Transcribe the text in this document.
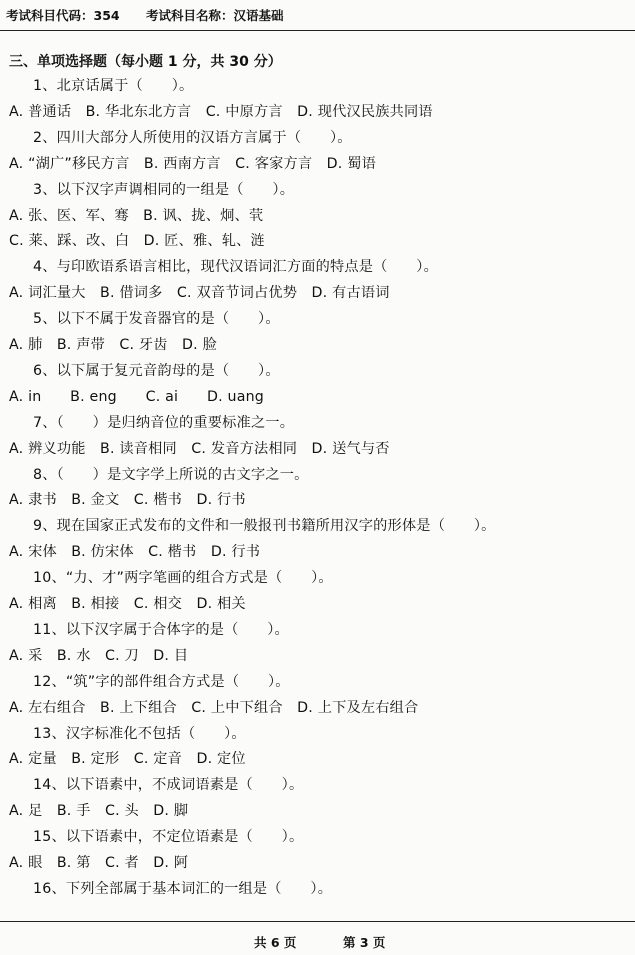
考试科目代码：354 考试科目名称：汉语基础
三、单项选择题（每小题 1 分，共 30 分）
1、北京话属于（　　）。
A. 普通话　B. 华北东北方言　C. 中原方言　D. 现代汉民族共同语
2、四川大部分人所使用的汉语方言属于（　　）。
A. “湖广”移民方言　B. 西南方言　C. 客家方言　D. 蜀语
3、以下汉字声调相同的一组是（　　）。
A. 张、医、军、骞　B. 讽、拢、炯、茕
C. 莱、踩、改、白　D. 匠、雅、轧、涟
4、与印欧语系语言相比，现代汉语词汇方面的特点是（　　）。
A. 词汇量大　B. 借词多　C. 双音节词占优势　D. 有古语词
5、以下不属于发音器官的是（　　）。
A. 肺　B. 声带　C. 牙齿　D. 脸
6、以下属于复元音韵母的是（　　）。
A. in　　B. eng　　C. ai　　D. uang
7、（　　）是归纳音位的重要标准之一。
A. 辨义功能　B. 读音相同　C. 发音方法相同　D. 送气与否
8、（　　）是文字学上所说的古文字之一。
A. 隶书　B. 金文　C. 楷书　D. 行书
9、现在国家正式发布的文件和一般报刊书籍所用汉字的形体是（　　）。
A. 宋体　B. 仿宋体　C. 楷书　D. 行书
10、“力、才”两字笔画的组合方式是（　　）。
A. 相离　B. 相接　C. 相交　D. 相关
11、以下汉字属于合体字的是（　　）。
A. 采　B. 水　C. 刀　D. 目
12、“筑”字的部件组合方式是（　　）。
A. 左右组合　B. 上下组合　C. 上中下组合　D. 上下及左右组合
13、汉字标准化不包括（　　）。
A. 定量　B. 定形　C. 定音　D. 定位
14、以下语素中，不成词语素是（　　）。
A. 足　B. 手　C. 头　D. 脚
15、以下语素中，不定位语素是（　　）。
A. 眼　B. 第　C. 者　D. 阿
16、下列全部属于基本词汇的一组是（　　）。
共 6 页	第 3 页
